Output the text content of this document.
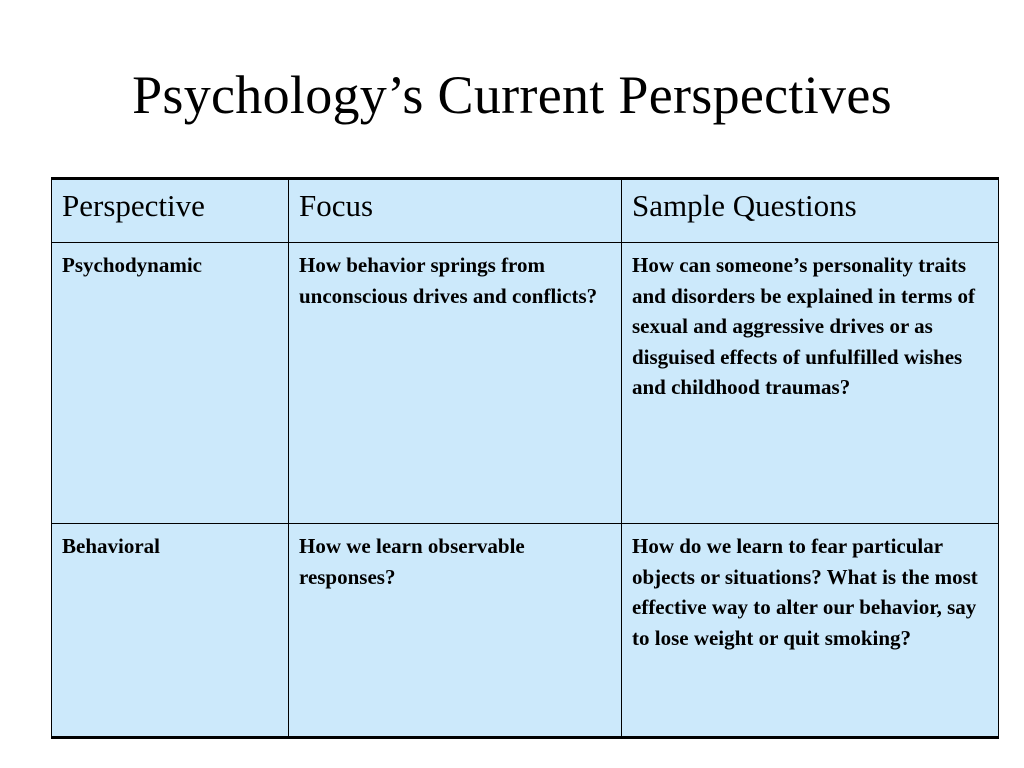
Psychology’s Current Perspectives
Perspective	Focus	Sample Questions
Psychodynamic	How behavior springs from unconscious drives and conflicts?	How can someone’s personality traits and disorders be explained in terms of sexual and aggressive drives or as disguised effects of unfulfilled wishes and childhood traumas?
Behavioral	How we learn observable responses?	How do we learn to fear particular objects or situations? What is the most effective way to alter our behavior, say to lose weight or quit smoking?
